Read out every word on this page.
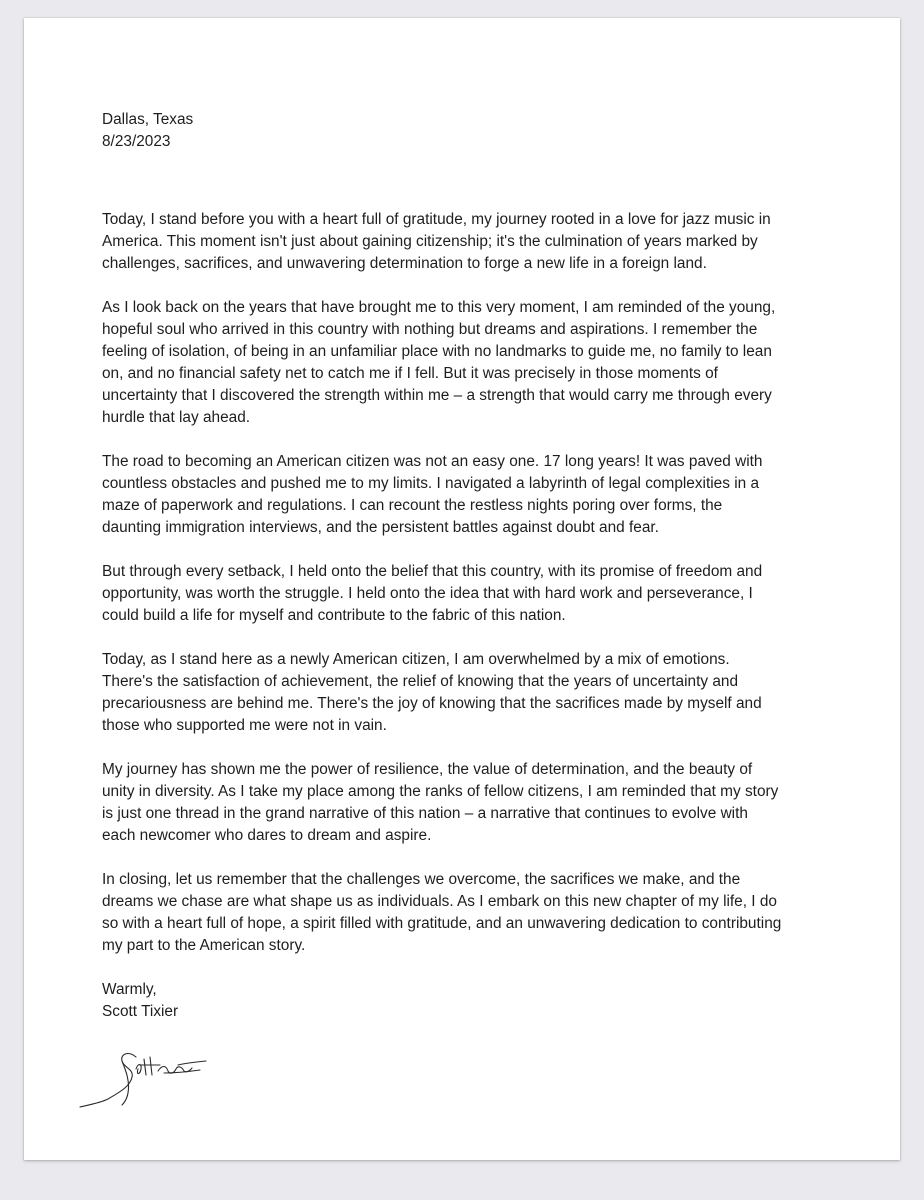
Dallas, Texas
8/23/2023

Today, I stand before you with a heart full of gratitude, my journey rooted in a love for jazz music in America. This moment isn't just about gaining citizenship; it's the culmination of years marked by challenges, sacrifices, and unwavering determination to forge a new life in a foreign land.

As I look back on the years that have brought me to this very moment, I am reminded of the young, hopeful soul who arrived in this country with nothing but dreams and aspirations. I remember the feeling of isolation, of being in an unfamiliar place with no landmarks to guide me, no family to lean on, and no financial safety net to catch me if I fell. But it was precisely in those moments of uncertainty that I discovered the strength within me – a strength that would carry me through every hurdle that lay ahead.

The road to becoming an American citizen was not an easy one. 17 long years! It was paved with countless obstacles and pushed me to my limits. I navigated a labyrinth of legal complexities in a maze of paperwork and regulations. I can recount the restless nights poring over forms, the daunting immigration interviews, and the persistent battles against doubt and fear.

But through every setback, I held onto the belief that this country, with its promise of freedom and opportunity, was worth the struggle. I held onto the idea that with hard work and perseverance, I could build a life for myself and contribute to the fabric of this nation.

Today, as I stand here as a newly American citizen, I am overwhelmed by a mix of emotions. There's the satisfaction of achievement, the relief of knowing that the years of uncertainty and precariousness are behind me. There's the joy of knowing that the sacrifices made by myself and those who supported me were not in vain.

My journey has shown me the power of resilience, the value of determination, and the beauty of unity in diversity. As I take my place among the ranks of fellow citizens, I am reminded that my story is just one thread in the grand narrative of this nation – a narrative that continues to evolve with each newcomer who dares to dream and aspire.

In closing, let us remember that the challenges we overcome, the sacrifices we make, and the dreams we chase are what shape us as individuals. As I embark on this new chapter of my life, I do so with a heart full of hope, a spirit filled with gratitude, and an unwavering dedication to contributing my part to the American story.

Warmly,
Scott Tixier
